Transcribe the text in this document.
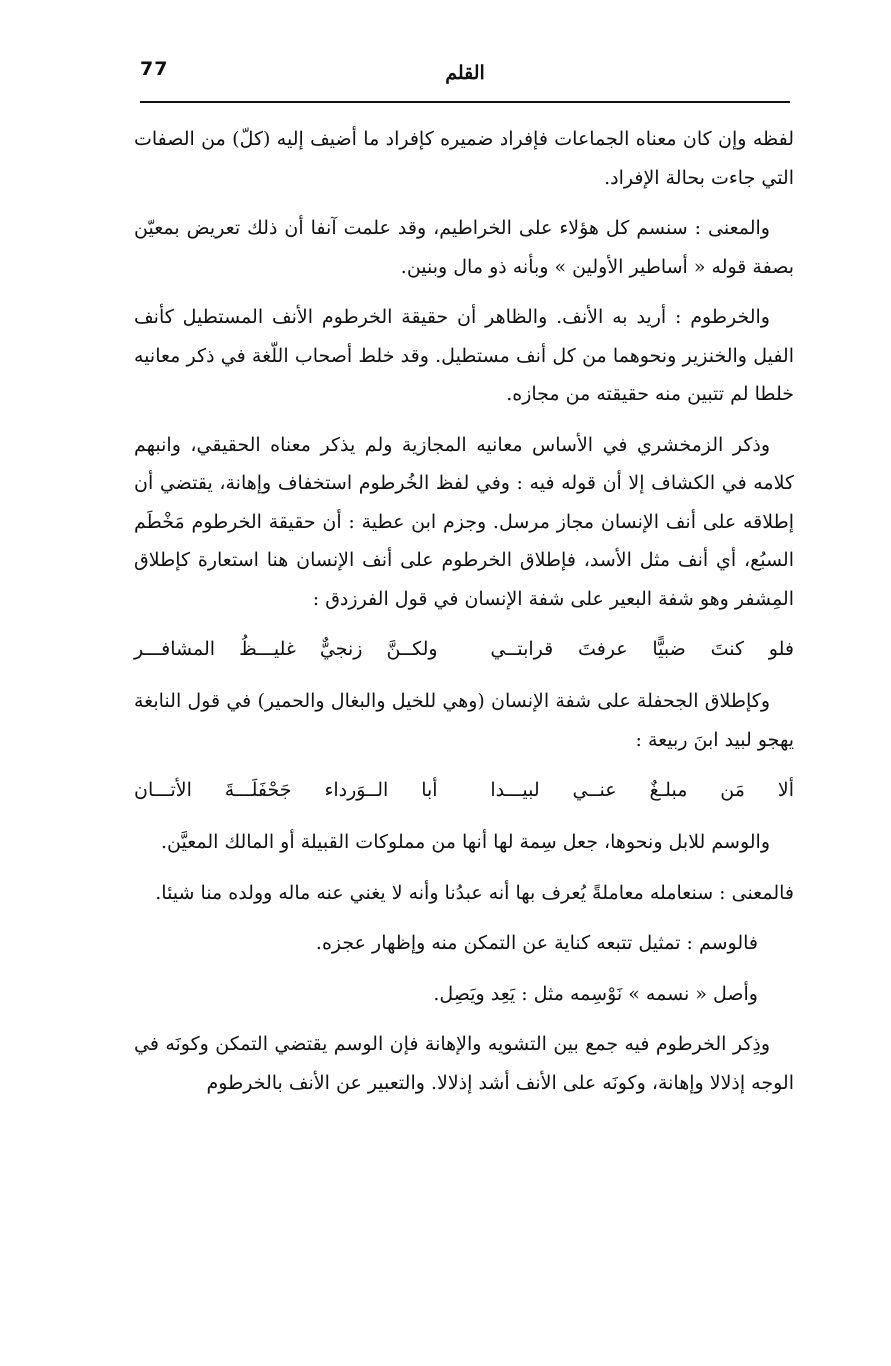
77	القلم

لفظه وإن كان معناه الجماعات فإفراد ضميره كإفراد ما أضيف إليه (كلّ) من الصفات التي جاءت بحالة الإفراد.

والمعنى : سنسم كل هؤلاء على الخراطيم، وقد علمت آنفا أن ذلك تعريض بمعيّن بصفة قوله « أساطير الأولين » وبأنه ذو مال وبنين.

والخرطوم : أريد به الأنف. والظاهر أن حقيقة الخرطوم الأنف المستطيل كأنف الفيل والخنزير ونحوهما من كل أنف مستطيل. وقد خلط أصحاب اللّغة في ذكر معانيه خلطا لم تتبين منه حقيقته من مجازه.

وذكر الزمخشري في الأساس معانيه المجازية ولم يذكر معناه الحقيقي، وانبهم كلامه في الكشاف إلا أن قوله فيه : وفي لفظ الخُرطوم استخفاف وإهانة، يقتضي أن إطلاقه على أنف الإنسان مجاز مرسل. وجزم ابن عطية : أن حقيقة الخرطوم مَخْطَم السبُع، أي أنف مثل الأسد، فإطلاق الخرطوم على أنف الإنسان هنا استعارة كإطلاق المِشفر وهو شفة البعير على شفة الإنسان في قول الفرزدق :

فلو كنتَ ضبيًّا عرفتَ قرابتــي
ولكــنَّ زنجيٌّ غليـــظُ المشافـــر

وكإطلاق الجحفلة على شفة الإنسان (وهي للخيل والبغال والحمير) في قول النابغة يهجو لبيد ابنَ ربيعة :

ألا مَن مبلـغٌ عنــي لبيـــدا
أبا الــوَرداء جَحْفَلَـــةَ الأتـــان

والوسم للابل ونحوها، جعل سِمة لها أنها من مملوكات القبيلة أو المالك المعيَّن.

فالمعنى : سنعامله معاملةً يُعرف بها أنه عبدُنا وأنه لا يغني عنه ماله وولده منا شيئا.

فالوسم : تمثيل تتبعه كناية عن التمكن منه وإظهار عجزه.

وأصل « نسمه » نَوْسِمه مثل : يَعِد ويَصِل.

وذِكر الخرطوم فيه جمع بين التشويه والإهانة فإن الوسم يقتضي التمكن وكونَه في الوجه إذلالا وإهانة، وكونَه على الأنف أشد إذلالا. والتعبير عن الأنف بالخرطوم
